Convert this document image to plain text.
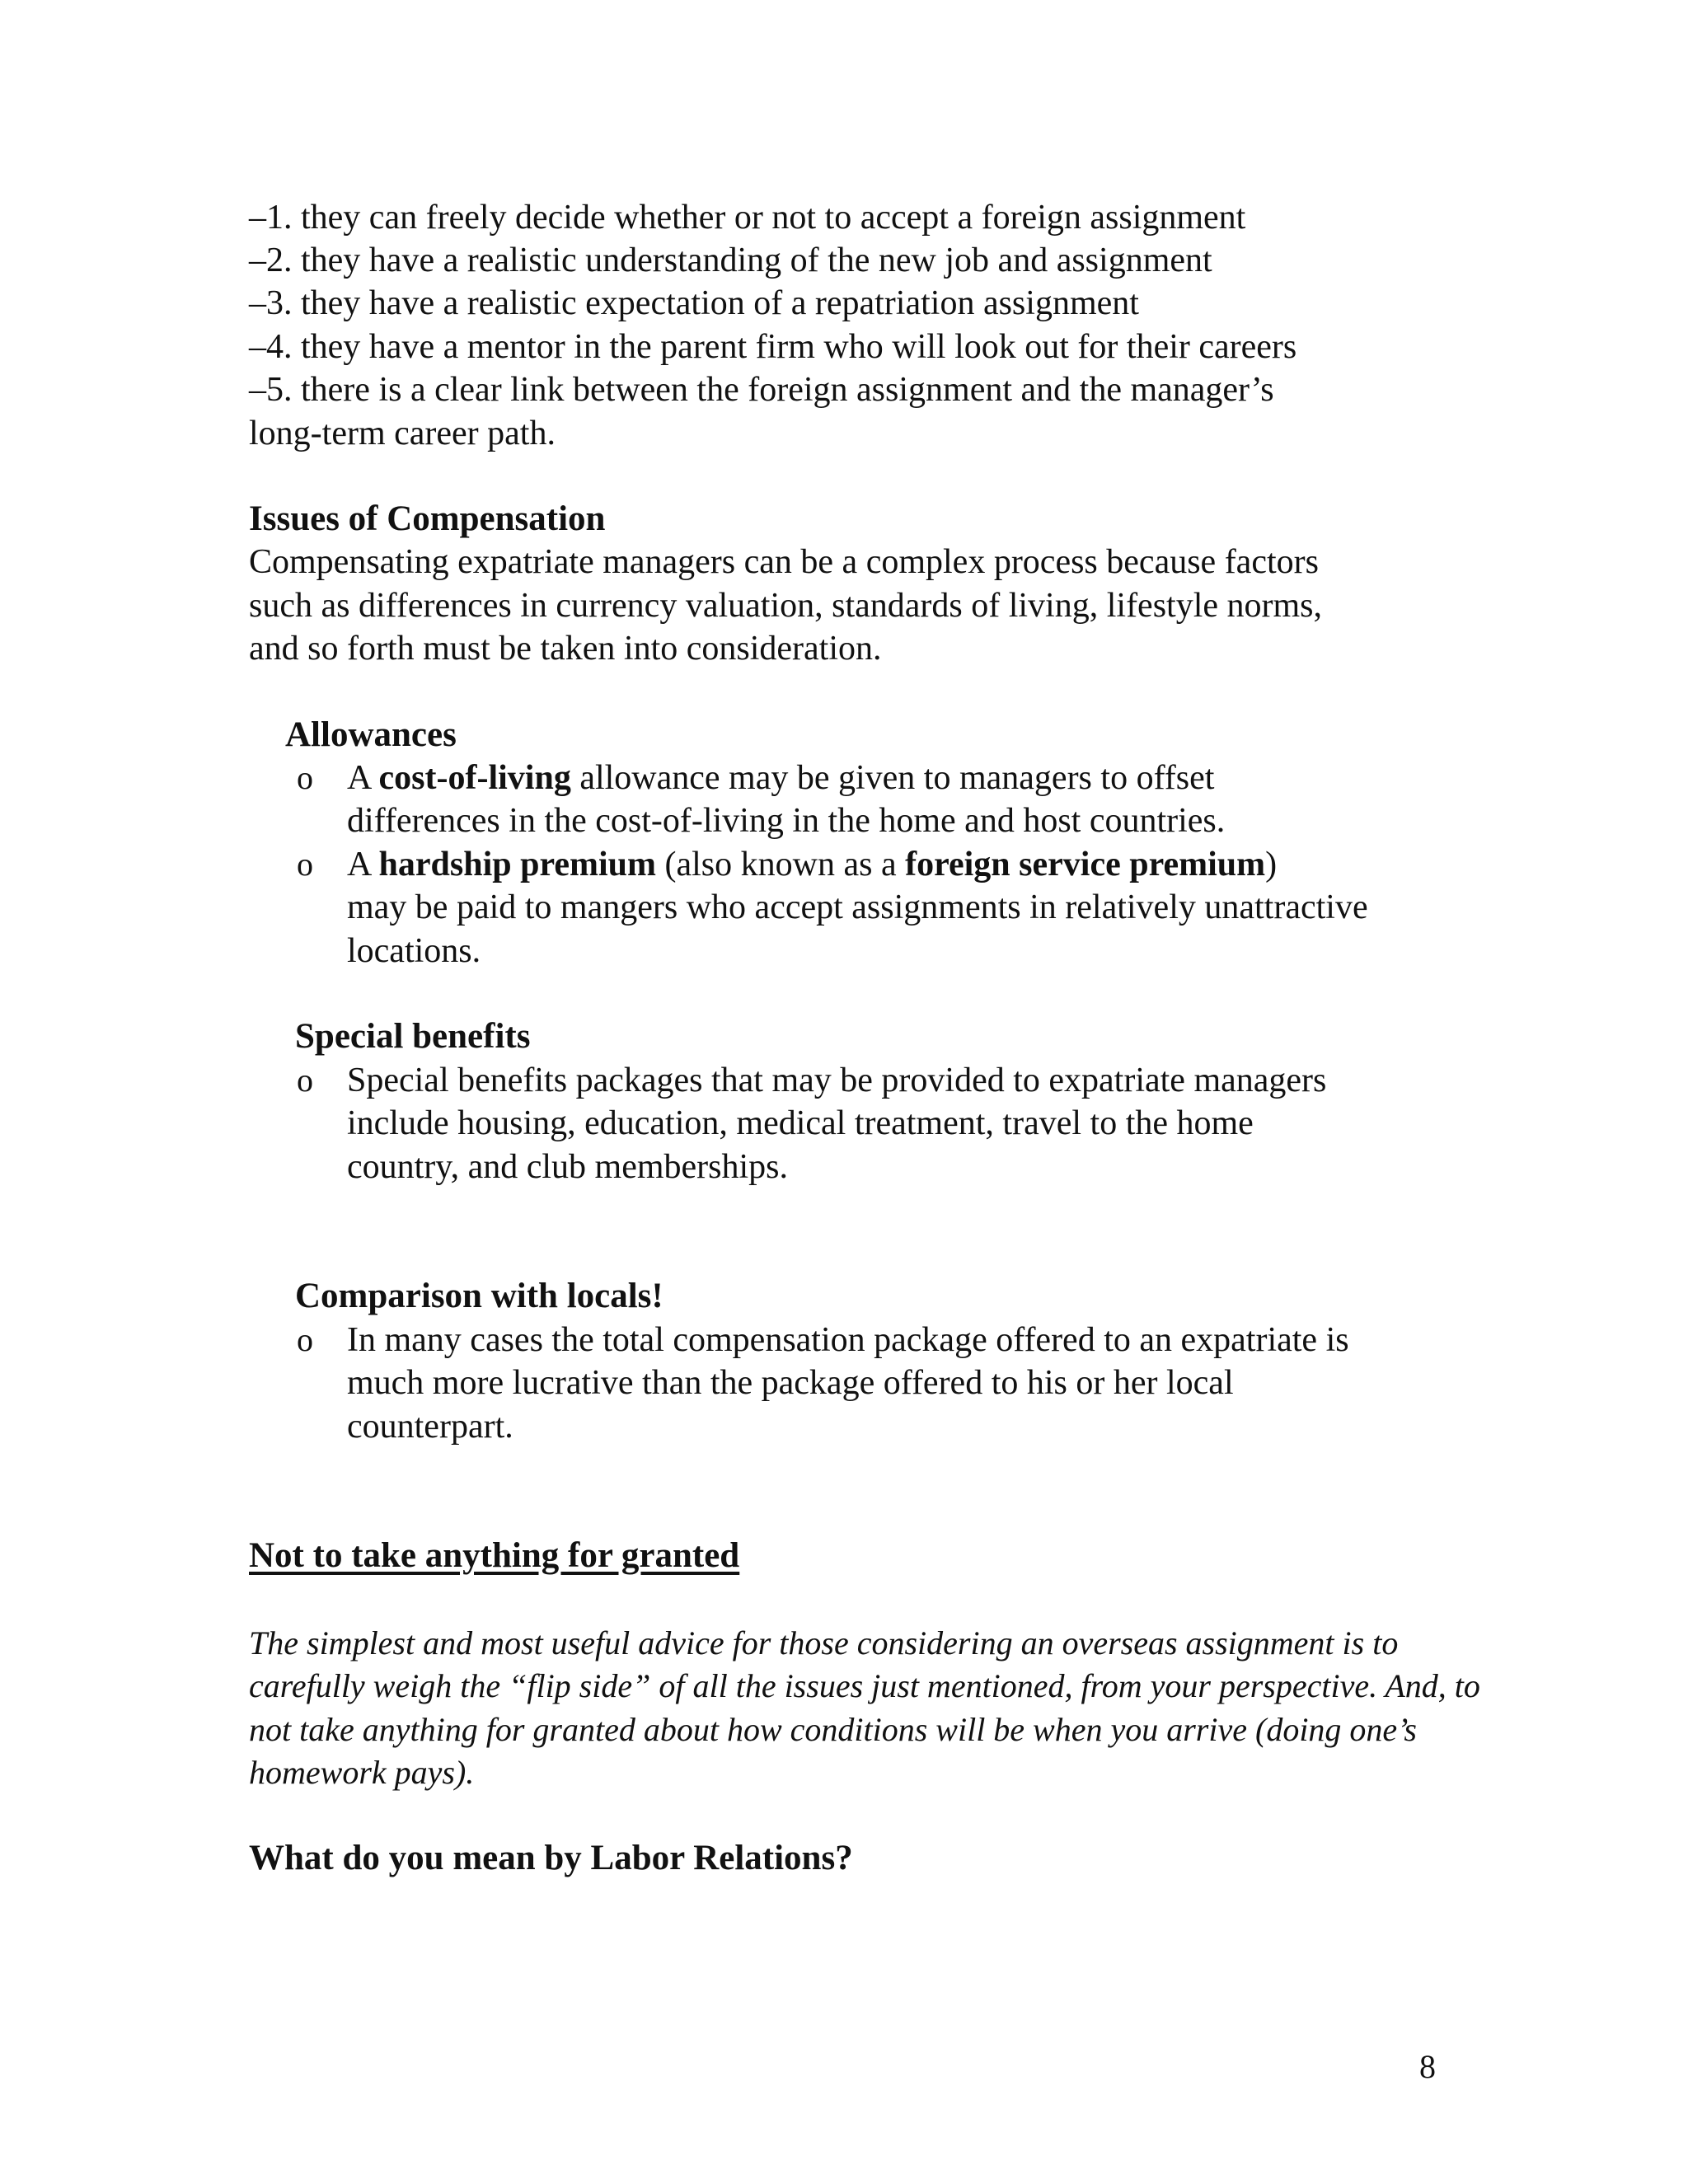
–1. they can freely decide whether or not to accept a foreign assignment
–2. they have a realistic understanding of the new job and assignment
–3. they have a realistic expectation of a repatriation assignment
–4. they have a mentor in the parent firm who will look out for their careers
–5. there is a clear link between the foreign assignment and the manager’s
long-term career path.
Issues of Compensation
Compensating expatriate managers can be a complex process because factors
such as differences in currency valuation, standards of living, lifestyle norms,
and so forth must be taken into consideration.
Allowances
o A cost-of-living allowance may be given to managers to offset
differences in the cost-of-living in the home and host countries.
o A hardship premium (also known as a foreign service premium)
may be paid to mangers who accept assignments in relatively unattractive
locations.
Special benefits
o Special benefits packages that may be provided to expatriate managers
include housing, education, medical treatment, travel to the home
country, and club memberships.
Comparison with locals!
o In many cases the total compensation package offered to an expatriate is
much more lucrative than the package offered to his or her local
counterpart.
Not to take anything for granted
The simplest and most useful advice for those considering an overseas assignment is to
carefully weigh the “flip side” of all the issues just mentioned, from your perspective. And, to
not take anything for granted about how conditions will be when you arrive (doing one’s
homework pays).
What do you mean by Labor Relations?
8
